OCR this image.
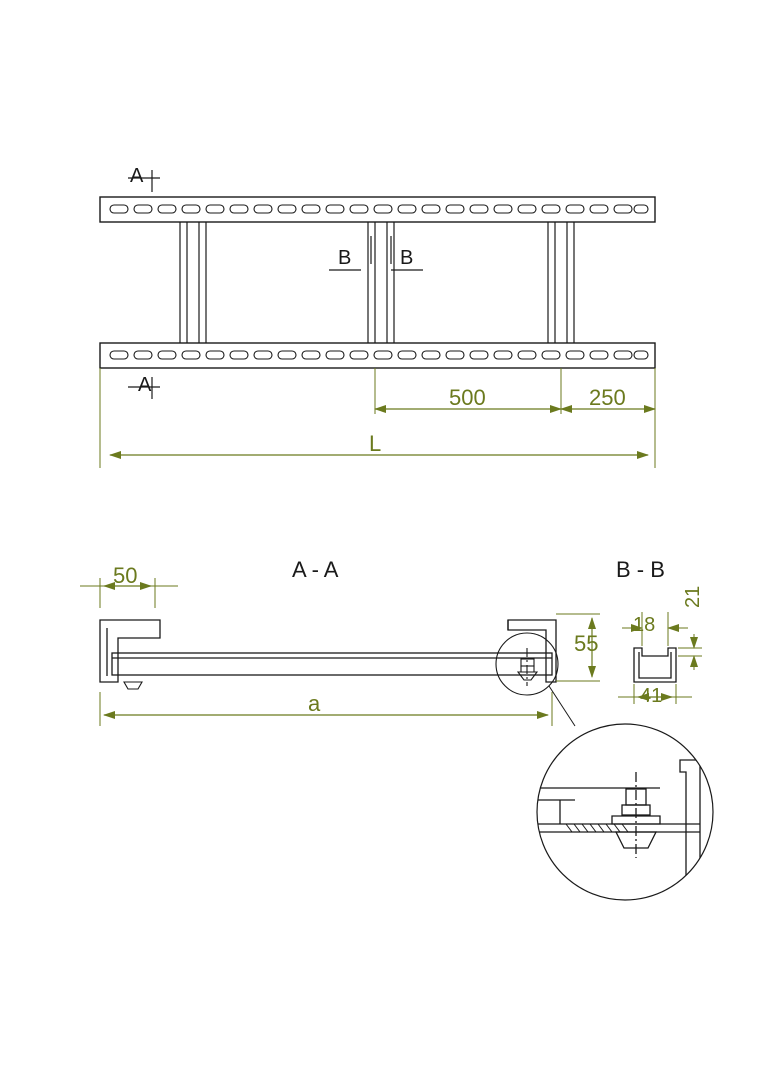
A
A
B B
500	250
L
A - A	B - B
50
a
55
18
21
41
